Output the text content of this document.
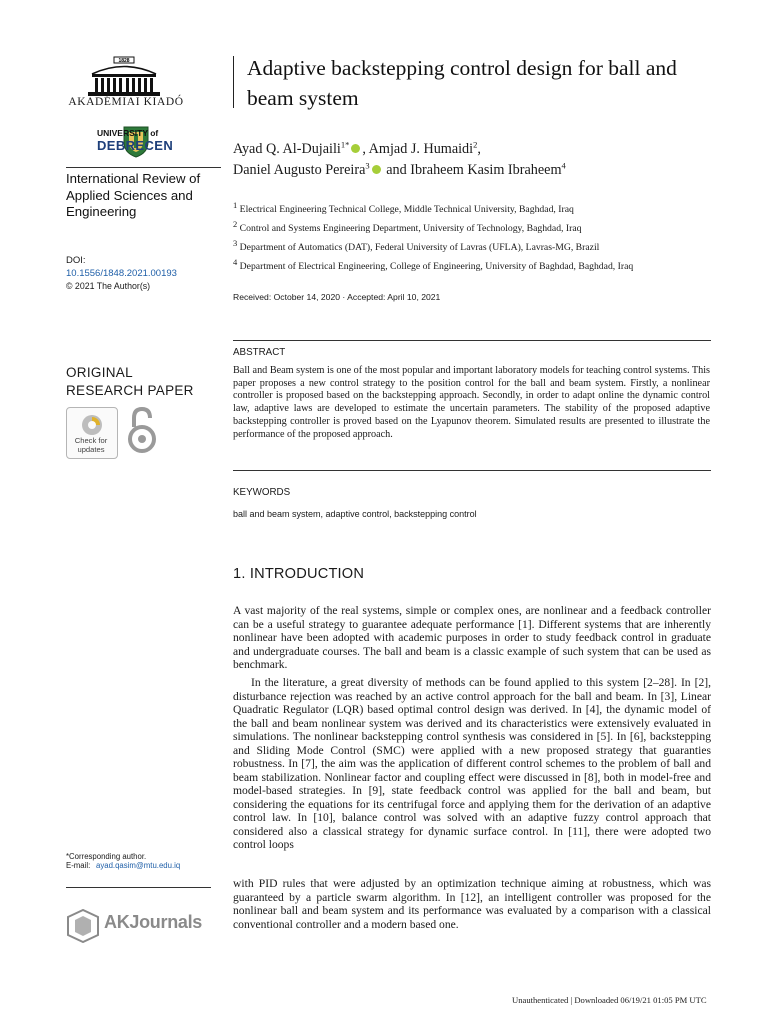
1828
AKADÉMIAI KIADÓ
UNIVERSITY of
DEBRECEN
International Review of Applied Sciences and Engineering
DOI:
10.1556/1848.2021.00193
© 2021 The Author(s)
ORIGINAL RESEARCH PAPER
Check for updates
*Corresponding author.
E-mail: ayad.qasim@mtu.edu.iq
AKJournals
Adaptive backstepping control design for ball and beam system
Ayad Q. Al-Dujaili$^{1*}$ , Amjad J. Humaidi$^2$,
Daniel Augusto Pereira$^3$ and Ibraheem Kasim Ibraheem$^4$
$^1$ Electrical Engineering Technical College, Middle Technical University, Baghdad, Iraq
$^2$ Control and Systems Engineering Department, University of Technology, Baghdad, Iraq
$^3$ Department of Automatics (DAT), Federal University of Lavras (UFLA), Lavras-MG, Brazil
$^4$ Department of Electrical Engineering, College of Engineering, University of Baghdad, Baghdad, Iraq
Received: October 14, 2020 · Accepted: April 10, 2021
ABSTRACT
Ball and Beam system is one of the most popular and important laboratory models for teaching control systems. This paper proposes a new control strategy to the position control for the ball and beam system. Firstly, a nonlinear controller is proposed based on the backstepping approach. Secondly, in order to adapt online the dynamic control law, adaptive laws are developed to estimate the uncertain parameters. The stability of the proposed adaptive backstepping controller is proved based on the Lyapunov theorem. Simulated results are presented to illustrate the performance of the proposed approach.
KEYWORDS
ball and beam system, adaptive control, backstepping control
1. INTRODUCTION
A vast majority of the real systems, simple or complex ones, are nonlinear and a feedback controller can be a useful strategy to guarantee adequate performance [1]. Different systems that are inherently nonlinear have been adopted with academic purposes in order to study feedback control in graduate and undergraduate courses. The ball and beam is a classic example of such system that can be used as benchmark.
In the literature, a great diversity of methods can be found applied to this system [2–28]. In [2], disturbance rejection was reached by an active control approach for the ball and beam. In [3], Linear Quadratic Regulator (LQR) based optimal control design was derived. In [4], the dynamic model of the ball and beam nonlinear system was derived and its characteristics were extensively evaluated in simulations. The nonlinear backstepping control synthesis was considered in [5]. In [6], backstepping and Sliding Mode Control (SMC) were applied with a new proposed strategy that guaranties robustness. In [7], the aim was the application of different control schemes to the problem of ball and beam stabilization. Nonlinear factor and coupling effect were discussed in [8], both in model-free and model-based strategies. In [9], state feedback control was applied for the ball and beam, but considering the equations for its centrifugal force and applying them for the derivation of an adaptive control law. In [10], balance control was solved with an adaptive fuzzy control approach that considered also a classical strategy for dynamic surface control. In [11], there were adopted two control loops
with PID rules that were adjusted by an optimization technique aiming at robustness, which was guaranteed by a particle swarm algorithm. In [12], an intelligent controller was proposed for the nonlinear ball and beam system and its performance was evaluated by a comparison with a classical conventional controller and a modern based one.
Unauthenticated | Downloaded 06/19/21 01:05 PM UTC
